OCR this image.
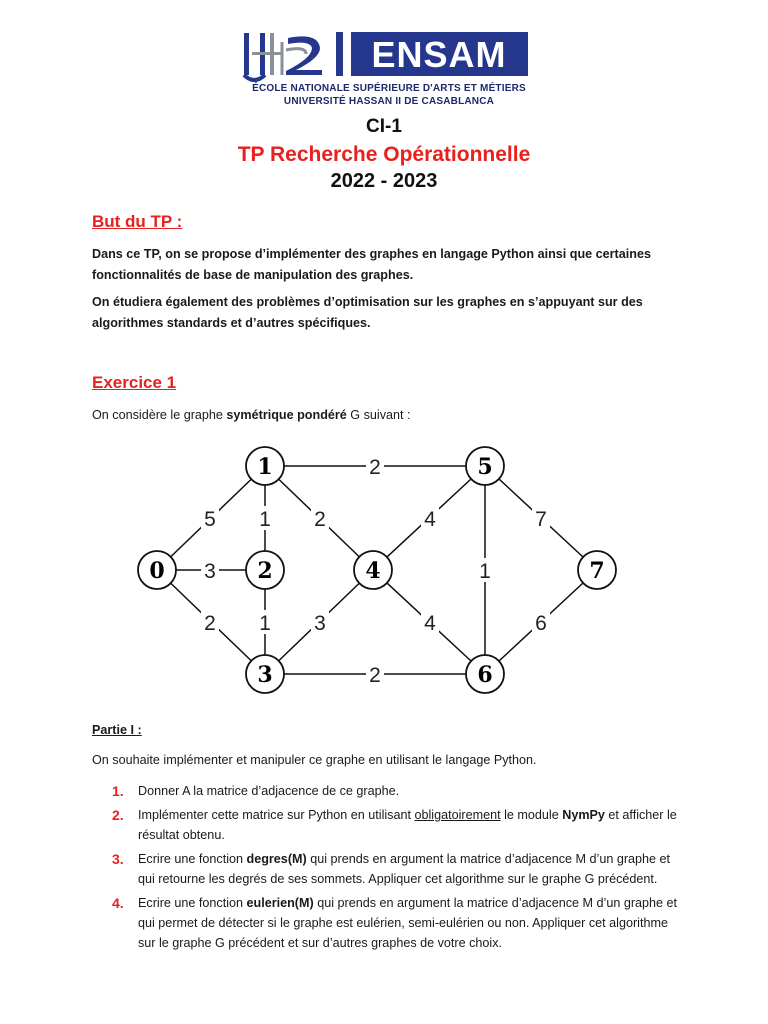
ENSAM
ÉCOLE NATIONALE SUPÉRIEURE D'ARTS ET MÉTIERS
UNIVERSITÉ HASSAN II DE CASABLANCA
CI-1
TP Recherche Opérationnelle
2022 - 2023
But du TP :
Dans ce TP, on se propose d’implémenter des graphes en langage Python ainsi que certaines fonctionnalités de base de manipulation des graphes.
On étudiera également des problèmes d’optimisation sur les graphes en s’appuyant sur des algorithmes standards et d’autres spécifiques.
Exercice 1
On considère le graphe symétrique pondéré G suivant :
5
3
2
1 2
2
1 3
2
4
4
1
7
6
0
1
2
3
4
5
6
7
Partie I :
On souhaite implémenter et manipuler ce graphe en utilisant le langage Python.
1. Donner A la matrice d’adjacence de ce graphe.
2. Implémenter cette matrice sur Python en utilisant obligatoirement le module NymPy et afficher le résultat obtenu.
3. Ecrire une fonction degres(M) qui prends en argument la matrice d’adjacence M d’un graphe et qui retourne les degrés de ses sommets. Appliquer cet algorithme sur le graphe G précédent.
4. Ecrire une fonction eulerien(M) qui prends en argument la matrice d’adjacence M d’un graphe et qui permet de détecter si le graphe est eulérien, semi-eulérien ou non. Appliquer cet algorithme sur le graphe G précédent et sur d’autres graphes de votre choix.
